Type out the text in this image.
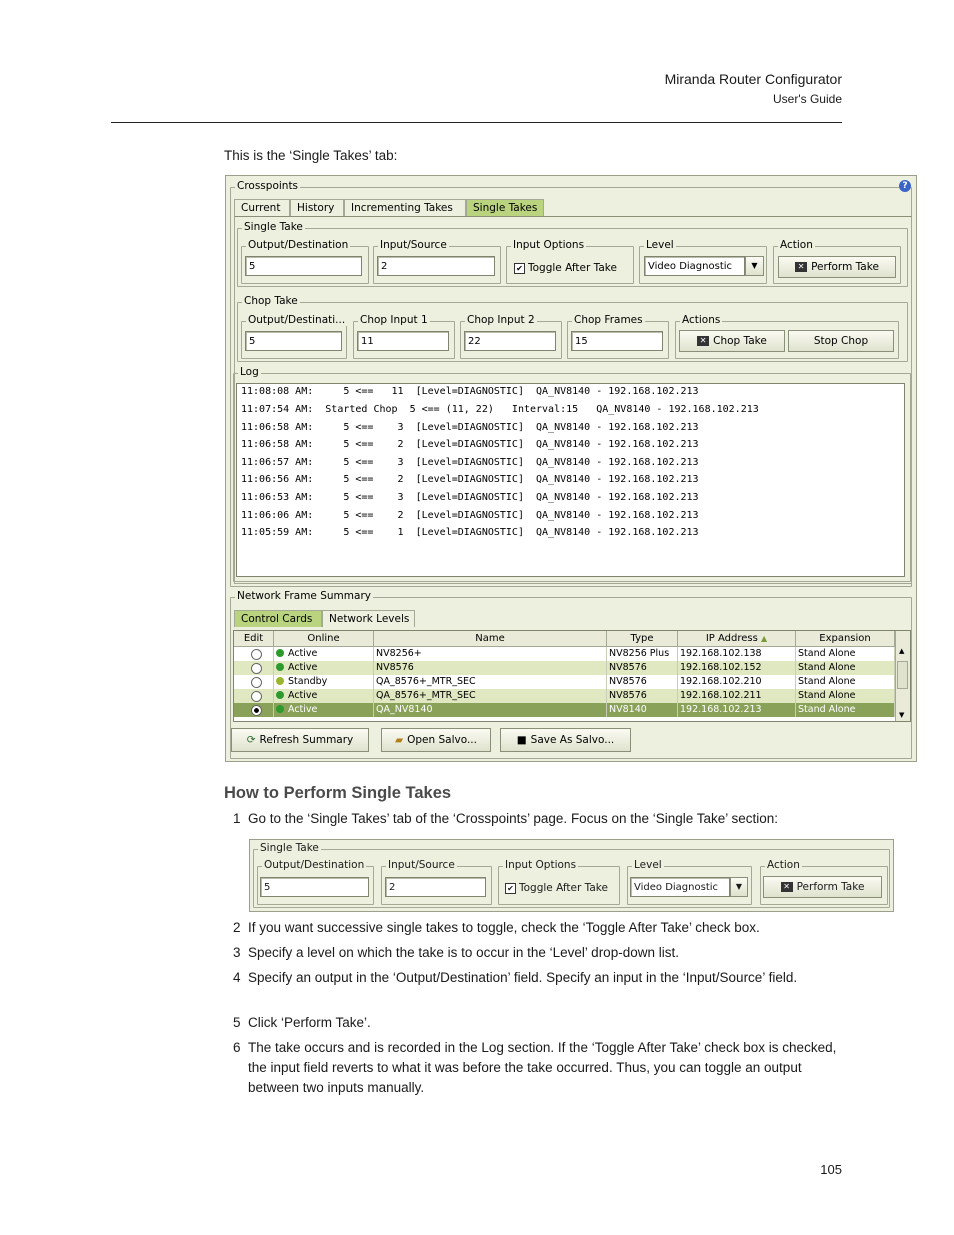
Miranda Router Configurator
User's Guide
This is the ‘Single Takes’ tab:
Crosspoints	?
Current	History	Incrementing Takes	Single Takes
Single Take
Output/Destination
5
Input/Source
2
Input Options
✔ Toggle After Take
Level
Video Diagnostic	▼
Action
✕ Perform Take
Chop Take
Output/Destinati...
5
Chop Input 1
11
Chop Input 2
22
Chop Frames
15
Actions
✕ Chop Take	Stop Chop
Log
11:08:08 AM:     5 <==   11  [Level=DIAGNOSTIC]  QA_NV8140 - 192.168.102.213
11:07:54 AM:  Started Chop  5 <== (11, 22)   Interval:15   QA_NV8140 - 192.168.102.213
11:06:58 AM:     5 <==    3  [Level=DIAGNOSTIC]  QA_NV8140 - 192.168.102.213
11:06:58 AM:     5 <==    2  [Level=DIAGNOSTIC]  QA_NV8140 - 192.168.102.213
11:06:57 AM:     5 <==    3  [Level=DIAGNOSTIC]  QA_NV8140 - 192.168.102.213
11:06:56 AM:     5 <==    2  [Level=DIAGNOSTIC]  QA_NV8140 - 192.168.102.213
11:06:53 AM:     5 <==    3  [Level=DIAGNOSTIC]  QA_NV8140 - 192.168.102.213
11:06:06 AM:     5 <==    2  [Level=DIAGNOSTIC]  QA_NV8140 - 192.168.102.213
11:05:59 AM:     5 <==    1  [Level=DIAGNOSTIC]  QA_NV8140 - 192.168.102.213
Network Frame Summary
Control Cards	Network Levels
Edit	Online	Name	Type	IP Address ▲	Expansion
Active	NV8256+	NV8256 Plus	192.168.102.138	Stand Alone
Active	NV8576	NV8576	192.168.102.152	Stand Alone
Standby	QA_8576+_MTR_SEC	NV8576	192.168.102.210	Stand Alone
Active	QA_8576+_MTR_SEC	NV8576	192.168.102.211	Stand Alone
Active	QA_NV8140	NV8140	192.168.102.213	Stand Alone
▲
▼
⟳ Refresh Summary	▰ Open Salvo...	■ Save As Salvo...
How to Perform Single Takes
1 Go to the ‘Single Takes’ tab of the ‘Crosspoints’ page. Focus on the ‘Single Take’ section:
Single Take
Output/Destination
5
Input/Source
2
Input Options
✔ Toggle After Take
Level
Video Diagnostic	▼
Action
✕ Perform Take
2 If you want successive single takes to toggle, check the ‘Toggle After Take’ check box.
3 Specify a level on which the take is to occur in the ‘Level’ drop-down list.
4 Specify an output in the ‘Output/Destination’ field. Specify an input in the ‘Input/Source’ field.
5 Click ‘Perform Take’.
6 The take occurs and is recorded in the Log section. If the ‘Toggle After Take’ check box is checked, the input field reverts to what it was before the take occurred. Thus, you can toggle an output between two inputs manually.
105
